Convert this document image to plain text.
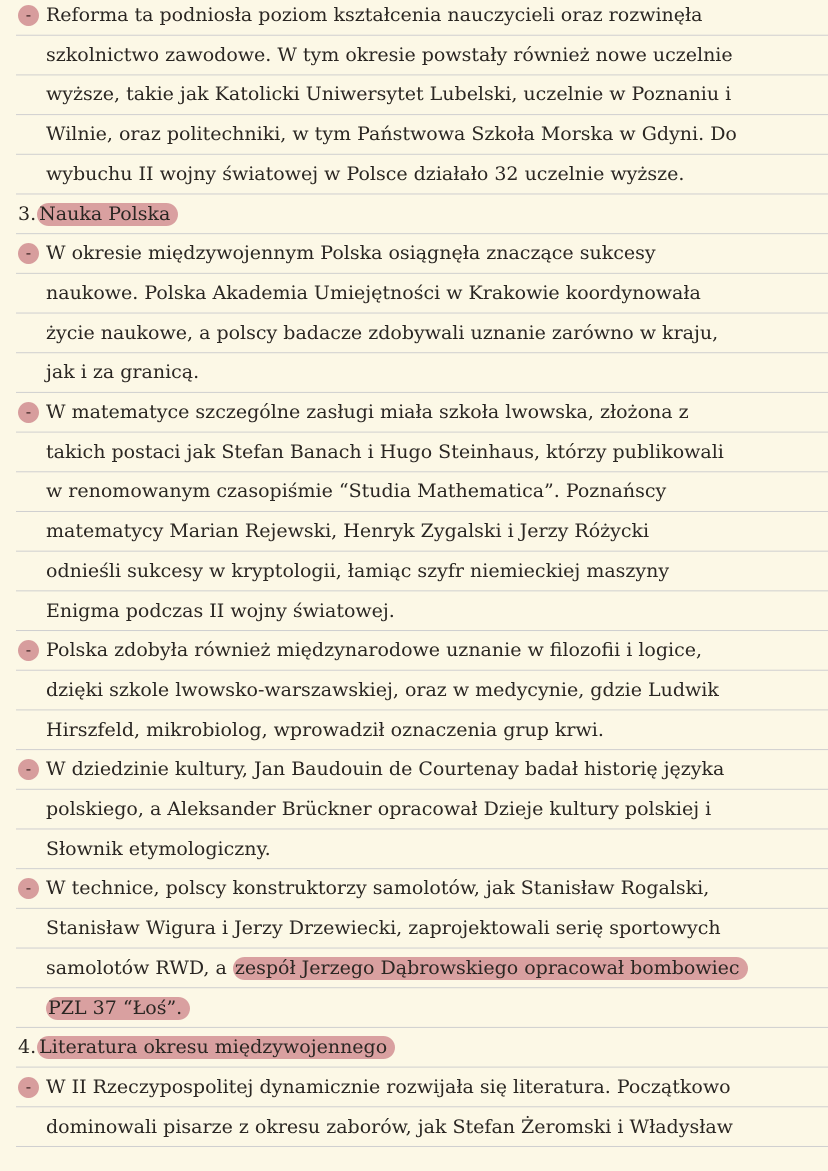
- Reforma ta podniosła poziom kształcenia nauczycieli oraz rozwinęła
szkolnictwo zawodowe. W tym okresie powstały również nowe uczelnie
wyższe, takie jak Katolicki Uniwersytet Lubelski, uczelnie w Poznaniu i
Wilnie, oraz politechniki, w tym Państwowa Szkoła Morska w Gdyni. Do
wybuchu II wojny światowej w Polsce działało 32 uczelnie wyższe.
3. Nauka Polska
- W okresie międzywojennym Polska osiągnęła znaczące sukcesy
naukowe. Polska Akademia Umiejętności w Krakowie koordynowała
życie naukowe, a polscy badacze zdobywali uznanie zarówno w kraju,
jak i za granicą.
- W matematyce szczególne zasługi miała szkoła lwowska, złożona z
takich postaci jak Stefan Banach i Hugo Steinhaus, którzy publikowali
w renomowanym czasopiśmie “Studia Mathematica”. Poznańscy
matematycy Marian Rejewski, Henryk Zygalski i Jerzy Różycki
odnieśli sukcesy w kryptologii, łamiąc szyfr niemieckiej maszyny
Enigma podczas II wojny światowej.
- Polska zdobyła również międzynarodowe uznanie w filozofii i logice,
dzięki szkole lwowsko-warszawskiej, oraz w medycynie, gdzie Ludwik
Hirszfeld, mikrobiolog, wprowadził oznaczenia grup krwi.
- W dziedzinie kultury, Jan Baudouin de Courtenay badał historię języka
polskiego, a Aleksander Brückner opracował Dzieje kultury polskiej i
Słownik etymologiczny.
- W technice, polscy konstruktorzy samolotów, jak Stanisław Rogalski,
Stanisław Wigura i Jerzy Drzewiecki, zaprojektowali serię sportowych
samolotów RWD, a zespół Jerzego Dąbrowskiego opracował bombowiec
PZL 37 “Łoś”.
4. Literatura okresu międzywojennego
- W II Rzeczypospolitej dynamicznie rozwijała się literatura. Początkowo
dominowali pisarze z okresu zaborów, jak Stefan Żeromski i Władysław
